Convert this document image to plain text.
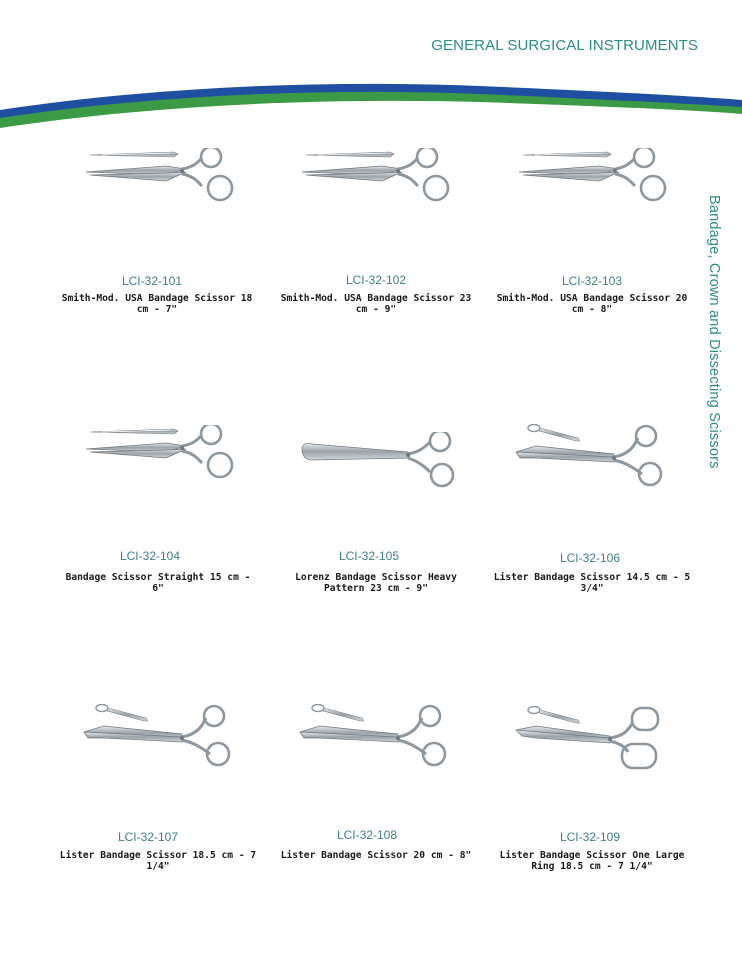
GENERAL SURGICAL INSTRUMENTS
Bandage, Crown and Dissecting Scissors
LCI-32-101
Smith-Mod. USA Bandage Scissor 18 cm - 7"
LCI-32-102
Smith-Mod. USA Bandage Scissor 23 cm - 9"
LCI-32-103
Smith-Mod. USA Bandage Scissor 20 cm - 8"
LCI-32-104
Bandage Scissor Straight 15 cm - 6"
LCI-32-105
Lorenz Bandage Scissor Heavy Pattern 23 cm - 9"
LCI-32-106
Lister Bandage Scissor 14.5 cm - 5 3/4"
LCI-32-107
Lister Bandage Scissor 18.5 cm - 7 1/4"
LCI-32-108
Lister Bandage Scissor 20 cm - 8"
LCI-32-109
Lister Bandage Scissor One Large Ring 18.5 cm - 7 1/4"
